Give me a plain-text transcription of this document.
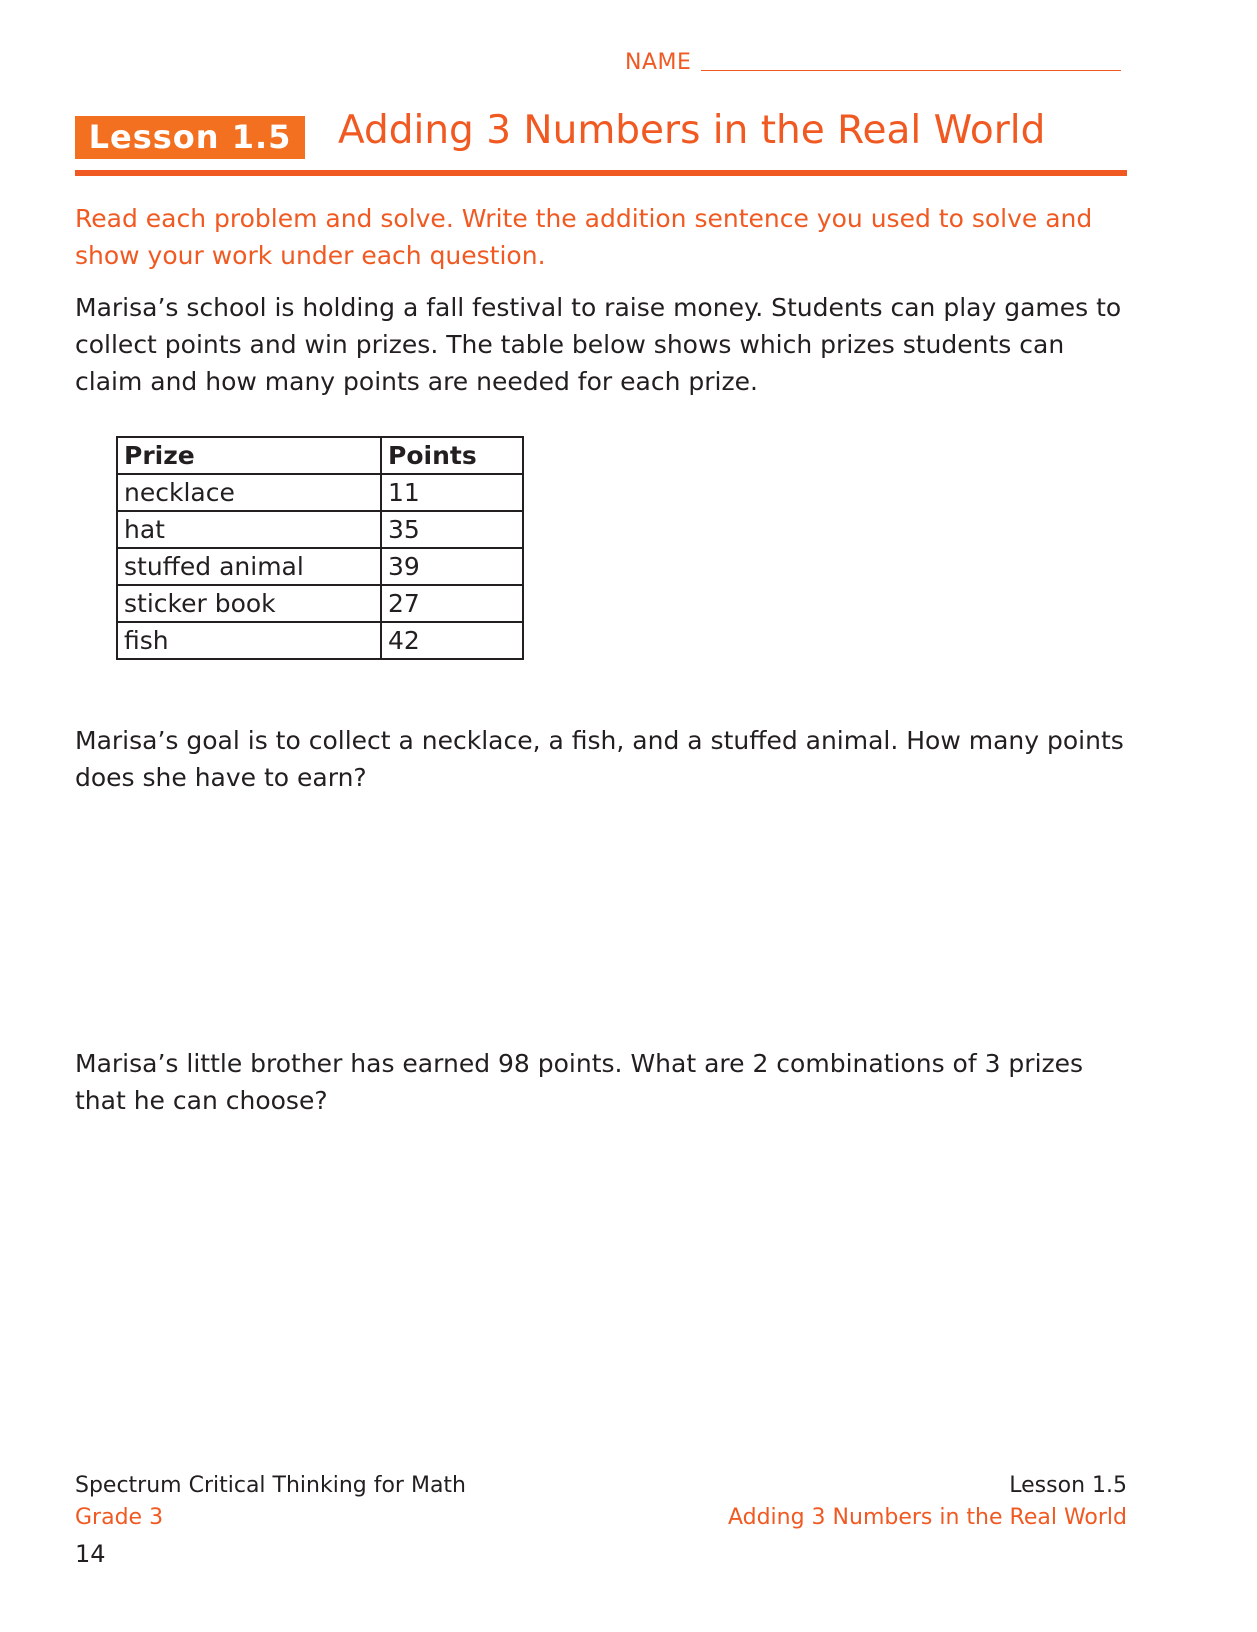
NAME
Lesson 1.5	Adding 3 Numbers in the Real World
Read each problem and solve. Write the addition sentence you used to solve and show your work under each question.
Marisa’s school is holding a fall festival to raise money. Students can play games to collect points and win prizes. The table below shows which prizes students can claim and how many points are needed for each prize.
Prize	Points
necklace	11
hat	35
stuffed animal	39
sticker book	27
fish	42
Marisa’s goal is to collect a necklace, a fish, and a stuffed animal. How many points does she have to earn?
Marisa’s little brother has earned 98 points. What are 2 combinations of 3 prizes that he can choose?
Spectrum Critical Thinking for Math
Grade 3
Lesson 1.5
Adding 3 Numbers in the Real World
14
